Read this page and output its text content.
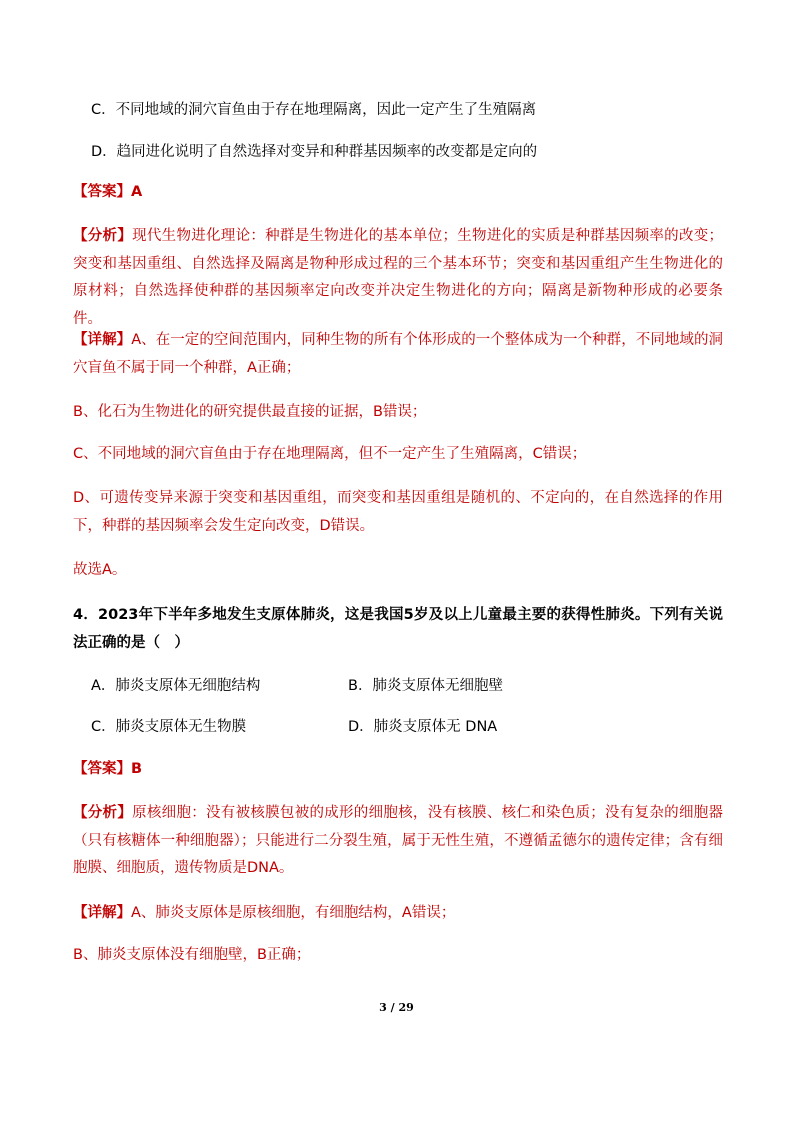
C．不同地域的洞穴盲鱼由于存在地理隔离，因此一定产生了生殖隔离
D．趋同进化说明了自然选择对变异和种群基因频率的改变都是定向的
【答案】A
【分析】现代生物进化理论：种群是生物进化的基本单位；生物进化的实质是种群基因频率的改变；突变和基因重组、自然选择及隔离是物种形成过程的三个基本环节；突变和基因重组产生生物进化的原材料；自然选择使种群的基因频率定向改变并决定生物进化的方向；隔离是新物种形成的必要条件。
【详解】A、在一定的空间范围内，同种生物的所有个体形成的一个整体成为一个种群，不同地域的洞穴盲鱼不属于同一个种群，A正确；
B、化石为生物进化的研究提供最直接的证据，B错误；
C、不同地域的洞穴盲鱼由于存在地理隔离，但不一定产生了生殖隔离，C错误；
D、可遗传变异来源于突变和基因重组，而突变和基因重组是随机的、不定向的，在自然选择的作用下，种群的基因频率会发生定向改变，D错误。
故选A。
4．2023年下半年多地发生支原体肺炎，这是我国5岁及以上儿童最主要的获得性肺炎。下列有关说法正确的是（　）
A．肺炎支原体无细胞结构	B．肺炎支原体无细胞壁
C．肺炎支原体无生物膜	D．肺炎支原体无 DNA
【答案】B
【分析】原核细胞：没有被核膜包被的成形的细胞核，没有核膜、核仁和染色质；没有复杂的细胞器（只有核糖体一种细胞器）；只能进行二分裂生殖，属于无性生殖，不遵循孟德尔的遗传定律；含有细胞膜、细胞质，遗传物质是DNA。
【详解】A、肺炎支原体是原核细胞，有细胞结构，A错误；
B、肺炎支原体没有细胞壁，B正确；
3 / 29
